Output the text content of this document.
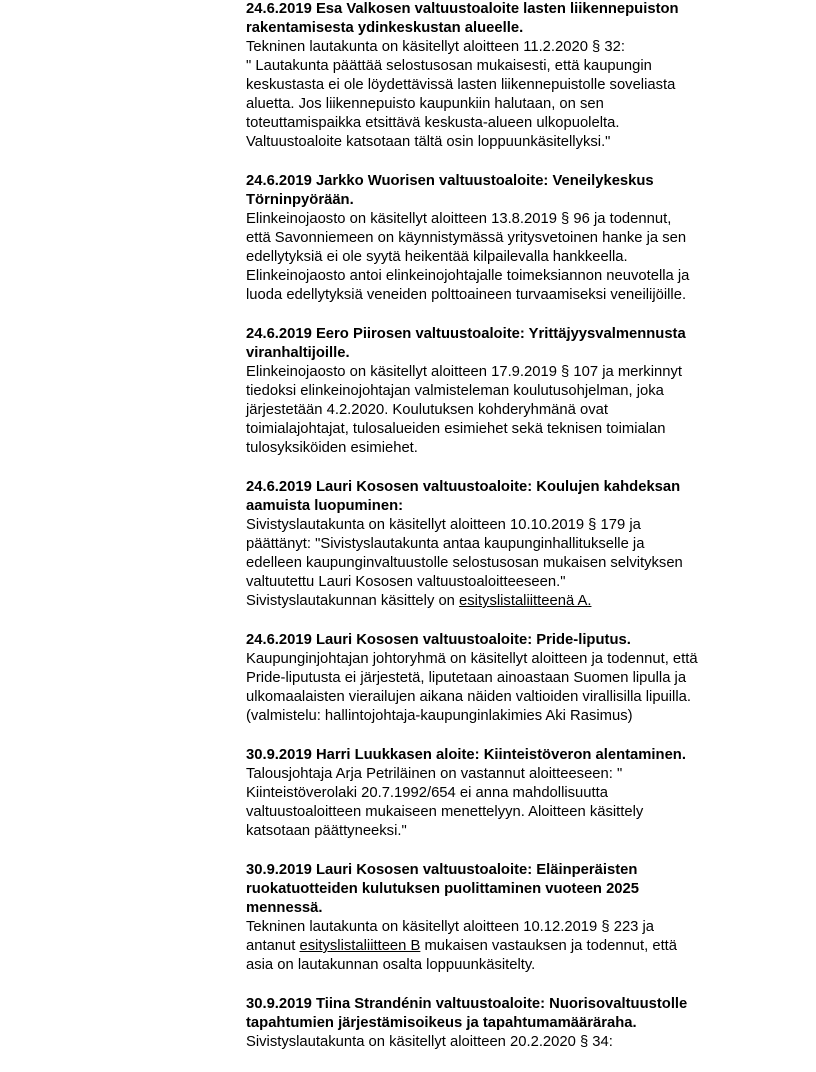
24.6.2019 Esa Valkosen valtuustoaloite lasten liikennepuiston
rakentamisesta ydinkeskustan alueelle.

Tekninen lautakunta on käsitellyt aloitteen 11.2.2020 § 32:
" Lautakunta päättää selostusosan mukaisesti, että kaupungin
keskustasta ei ole löydettävissä lasten liikennepuistolle soveliasta
aluetta. Jos liikennepuisto kaupunkiin halutaan, on sen
toteuttamispaikka etsittävä keskusta-alueen ulkopuolelta.
Valtuustoaloite katsotaan tältä osin loppuunkäsitellyksi."

24.6.2019 Jarkko Wuorisen valtuustoaloite: Veneilykeskus
Törninpyörään.

Elinkeinojaosto on käsitellyt aloitteen 13.8.2019 § 96 ja todennut,
että Savonniemeen on käynnistymässä yritysvetoinen hanke ja sen
edellytyksiä ei ole syytä heikentää kilpailevalla hankkeella.
Elinkeinojaosto antoi elinkeinojohtajalle toimeksiannon neuvotella ja
luoda edellytyksiä veneiden polttoaineen turvaamiseksi veneilijöille.

24.6.2019 Eero Piirosen valtuustoaloite: Yrittäjyysvalmennusta
viranhaltijoille.

Elinkeinojaosto on käsitellyt aloitteen 17.9.2019 § 107 ja merkinnyt
tiedoksi elinkeinojohtajan valmisteleman koulutusohjelman, joka
järjestetään 4.2.2020. Koulutuksen kohderyhmänä ovat
toimialajohtajat, tulosalueiden esimiehet sekä teknisen toimialan
tulosyksiköiden esimiehet.

24.6.2019 Lauri Kososen valtuustoaloite: Koulujen kahdeksan
aamuista luopuminen:

Sivistyslautakunta on käsitellyt aloitteen 10.10.2019 § 179 ja
päättänyt: "Sivistyslautakunta antaa kaupunginhallitukselle ja
edelleen kaupunginvaltuustolle selostusosan mukaisen selvityksen
valtuutettu Lauri Kososen valtuustoaloitteeseen."
Sivistyslautakunnan käsittely on esityslistaliitteenä A.

24.6.2019 Lauri Kososen valtuustoaloite: Pride-liputus.

Kaupunginjohtajan johtoryhmä on käsitellyt aloitteen ja todennut, että
Pride-liputusta ei järjestetä, liputetaan ainoastaan Suomen lipulla ja
ulkomaalaisten vierailujen aikana näiden valtioiden virallisilla lipuilla.
(valmistelu: hallintojohtaja-kaupunginlakimies Aki Rasimus)

30.9.2019 Harri Luukkasen aloite: Kiinteistöveron alentaminen.

Talousjohtaja Arja Petriläinen on vastannut aloitteeseen: "
Kiinteistöverolaki 20.7.1992/654 ei anna mahdollisuutta
valtuustoaloitteen mukaiseen menettelyyn. Aloitteen käsittely
katsotaan päättyneeksi."

30.9.2019 Lauri Kososen valtuustoaloite: Eläinperäisten
ruokatuotteiden kulutuksen puolittaminen vuoteen 2025
mennessä.

Tekninen lautakunta on käsitellyt aloitteen 10.12.2019 § 223 ja
antanut esityslistaliitteen B mukaisen vastauksen ja todennut, että
asia on lautakunnan osalta loppuunkäsitelty.

30.9.2019 Tiina Strandénin valtuustoaloite: Nuorisovaltuustolle
tapahtumien järjestämisoikeus ja tapahtumamääräraha.

Sivistyslautakunta on käsitellyt aloitteen 20.2.2020 § 34:
